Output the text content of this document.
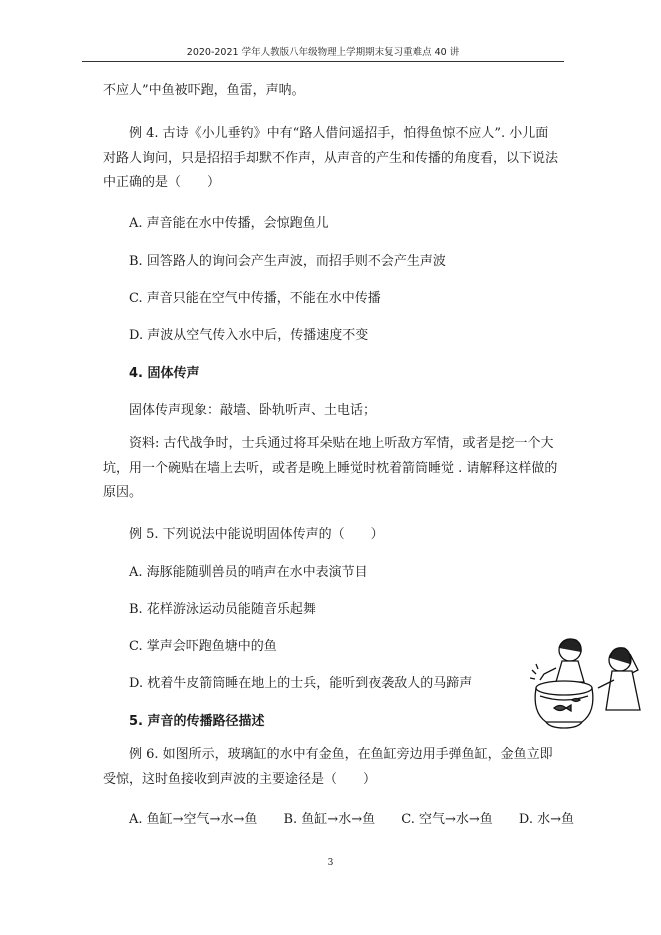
2020-2021 学年人教版八年级物理上学期期末复习重难点 40 讲
不应人”中鱼被吓跑，鱼雷，声呐。
例 4. 古诗《小儿垂钓》中有“路人借问遥招手，怕得鱼惊不应人”. 小儿面
对路人询问，只是招招手却默不作声，从声音的产生和传播的角度看，以下说法
中正确的是（　　）
A. 声音能在水中传播，会惊跑鱼儿
B. 回答路人的询问会产生声波，而招手则不会产生声波
C. 声音只能在空气中传播，不能在水中传播
D. 声波从空气传入水中后，传播速度不变
4. 固体传声
固体传声现象：敲墙、卧轨听声、土电话；
资料: 古代战争时，士兵通过将耳朵贴在地上听敌方军情，或者是挖一个大
坑，用一个碗贴在墙上去听，或者是晚上睡觉时枕着箭筒睡觉 . 请解释这样做的
原因。
例 5. 下列说法中能说明固体传声的（　　）
A. 海豚能随驯兽员的哨声在水中表演节目
B. 花样游泳运动员能随音乐起舞
C. 掌声会吓跑鱼塘中的鱼
D. 枕着牛皮箭筒睡在地上的士兵，能听到夜袭敌人的马蹄声
5. 声音的传播路径描述
例 6. 如图所示，玻璃缸的水中有金鱼，在鱼缸旁边用手弹鱼缸，金鱼立即
受惊，这时鱼接收到声波的主要途径是（　　）
A. 鱼缸→空气→水→鱼 B. 鱼缸→水→鱼 C. 空气→水→鱼 D. 水→鱼
3
